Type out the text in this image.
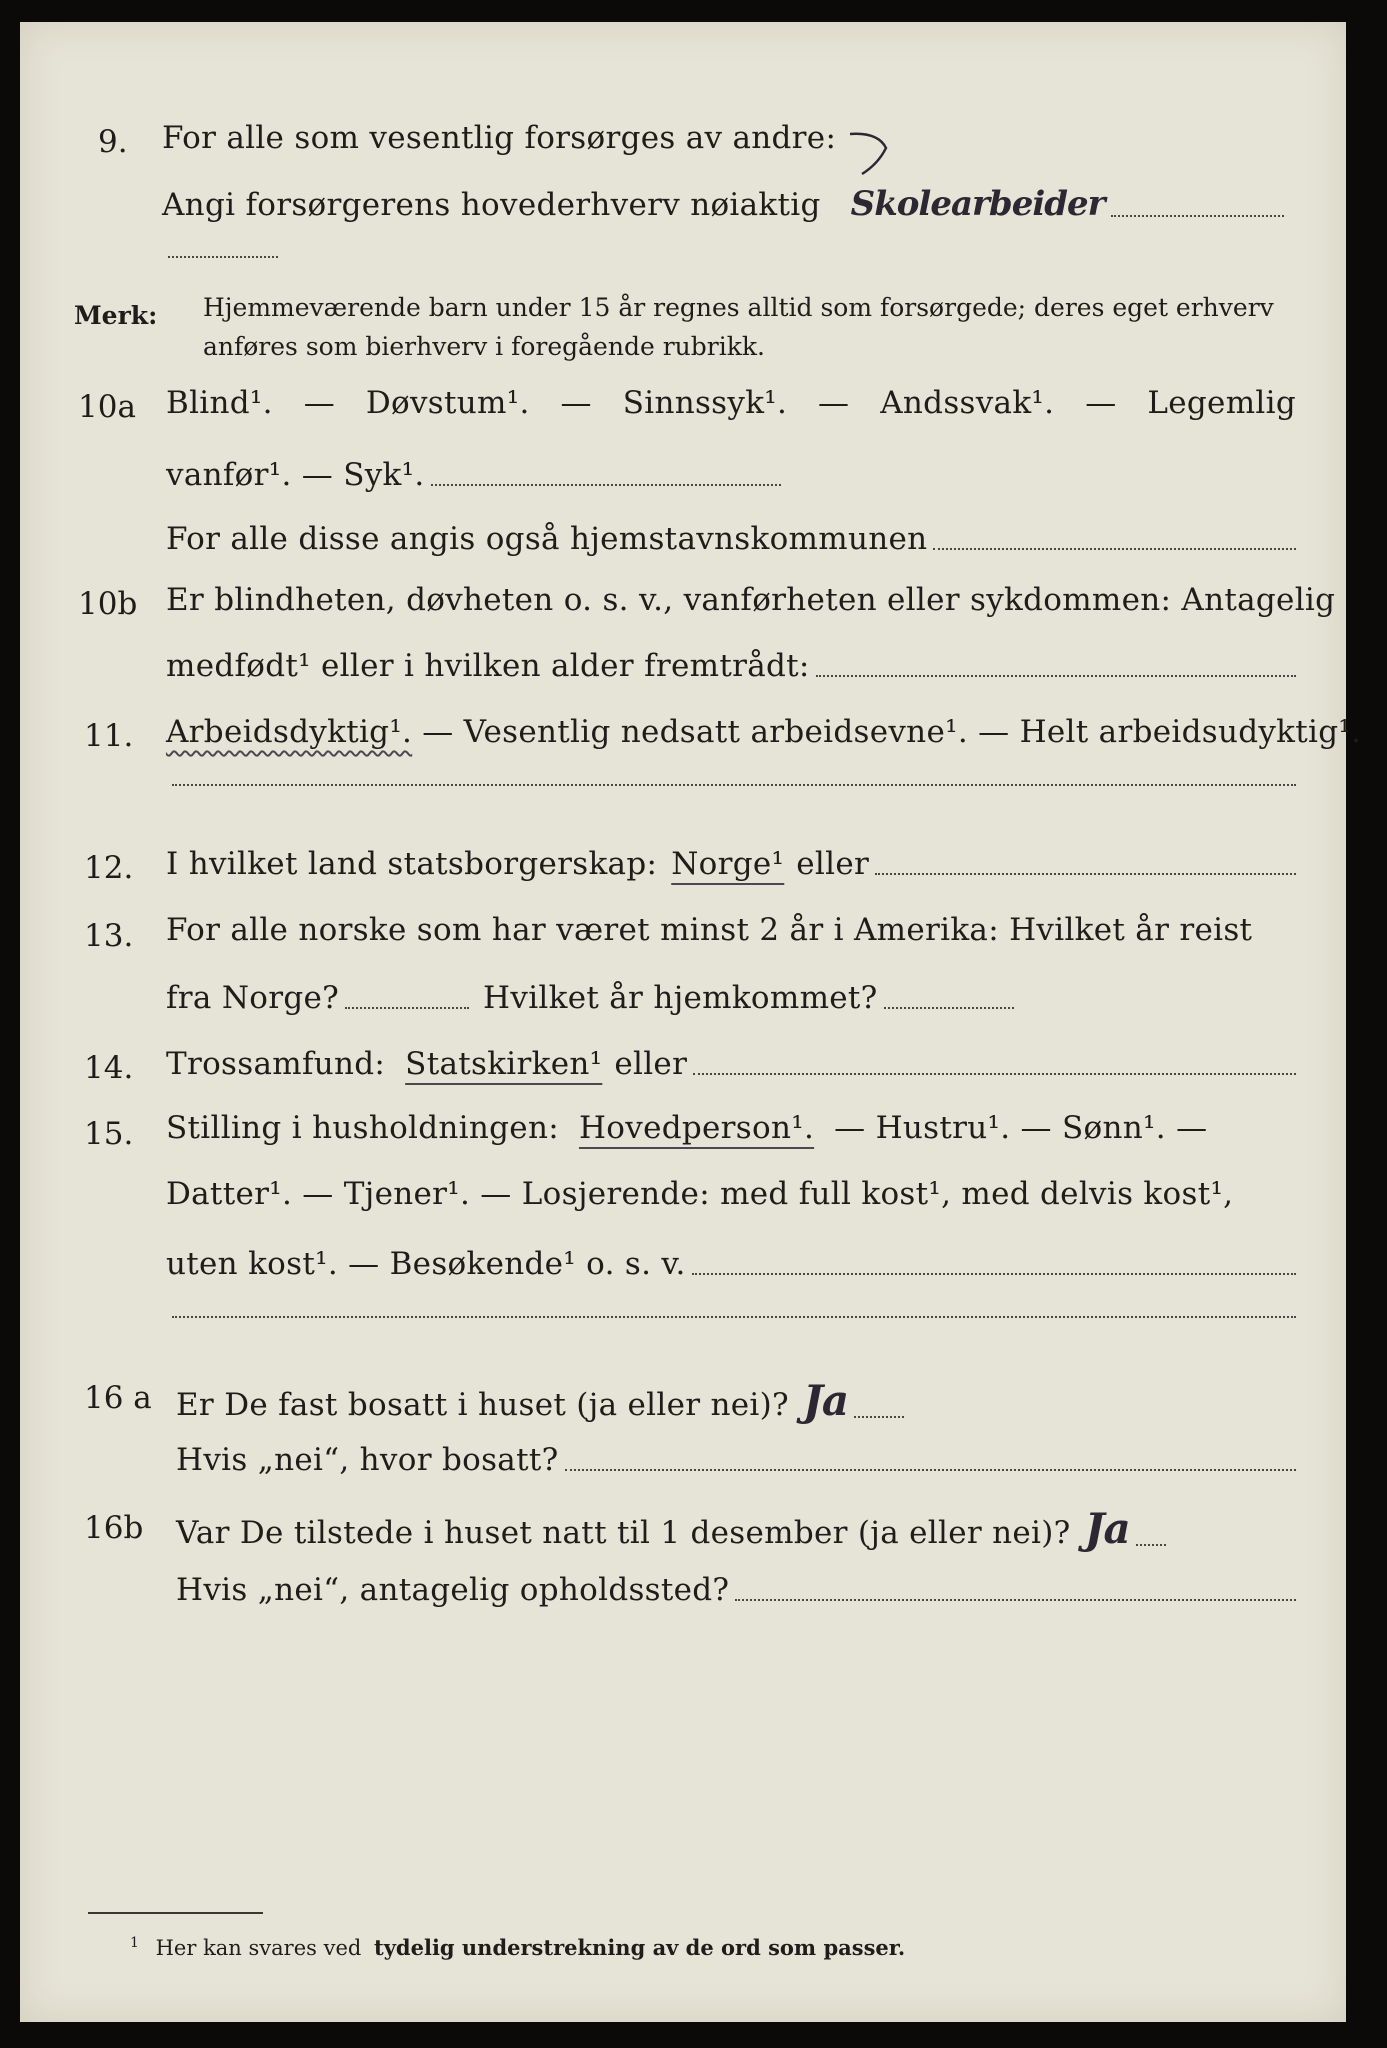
9. For alle som vesentlig forsørges av andre:
Angi forsørgerens hovederhverv nøiaktig Skolearbeider
Merk: Hjemmeværende barn under 15 år regnes alltid som forsørgede; deres eget erhverv
anføres som bierhverv i foregående rubrikk.
10a Blind¹. — Døvstum¹. — Sinnssyk¹. — Andssvak¹. — Legemlig
vanfør¹. — Syk¹.
For alle disse angis også hjemstavnskommunen
10b Er blindheten, døvheten o. s. v., vanførheten eller sykdommen: Antagelig
medfødt¹ eller i hvilken alder fremtrådt:
11. Arbeidsdyktig¹. — Vesentlig nedsatt arbeidsevne¹. — Helt arbeidsudyktig¹.
12. I hvilket land statsborgerskap: Norge¹ eller
13. For alle norske som har været minst 2 år i Amerika: Hvilket år reist
fra Norge?	Hvilket år hjemkommet?
14. Trossamfund: Statskirken¹ eller
15. Stilling i husholdningen: Hovedperson¹. — Hustru¹. — Sønn¹. —
Datter¹. — Tjener¹. — Losjerende: med full kost¹, med delvis kost¹,
uten kost¹. — Besøkende¹ o. s. v.
16 a Er De fast bosatt i huset (ja eller nei)? Ja
Hvis „nei“, hvor bosatt?
16b Var De tilstede i huset natt til 1 desember (ja eller nei)? Ja
Hvis „nei“, antagelig opholdssted?
$^1$ Her kan svares ved tydelig understrekning av de ord som passer.
